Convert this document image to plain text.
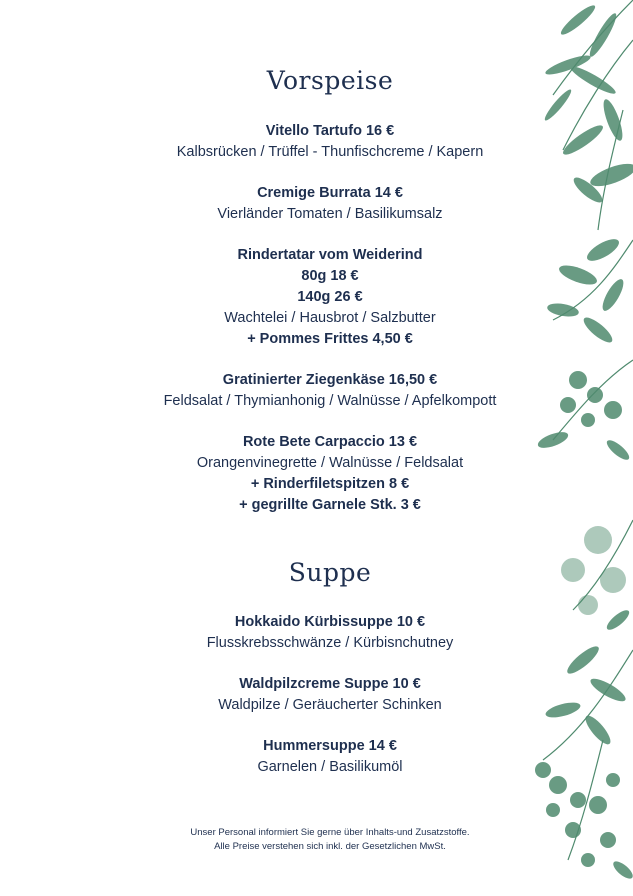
Vorspeise
Vitello Tartufo 16 €
Kalbsrücken / Trüffel - Thunfischcreme / Kapern
Cremige Burrata 14 €
Vierländer Tomaten / Basilikumsalz
Rindertatar vom Weiderind
80g 18 €
140g 26 €
Wachtelei / Hausbrot / Salzbutter
+ Pommes Frittes 4,50 €
Gratinierter Ziegenkäse 16,50 €
Feldsalat / Thymianhonig / Walnüsse / Apfelkompott
Rote Bete Carpaccio 13 €
Orangenvinegrette / Walnüsse / Feldsalat
+ Rinderfiletspitzen 8 €
+ gegrillte Garnele Stk. 3 €
Suppe
Hokkaido Kürbissuppe 10 €
Flusskrebsschwänze / Kürbisnchutney
Waldpilzcreme Suppe 10 €
Waldpilze / Geräucherter Schinken
Hummersuppe 14 €
Garnelen / Basilikumöl
Unser Personal informiert Sie gerne über Inhalts-und Zusatzstoffe.
Alle Preise verstehen sich inkl. der Gesetzlichen MwSt.
